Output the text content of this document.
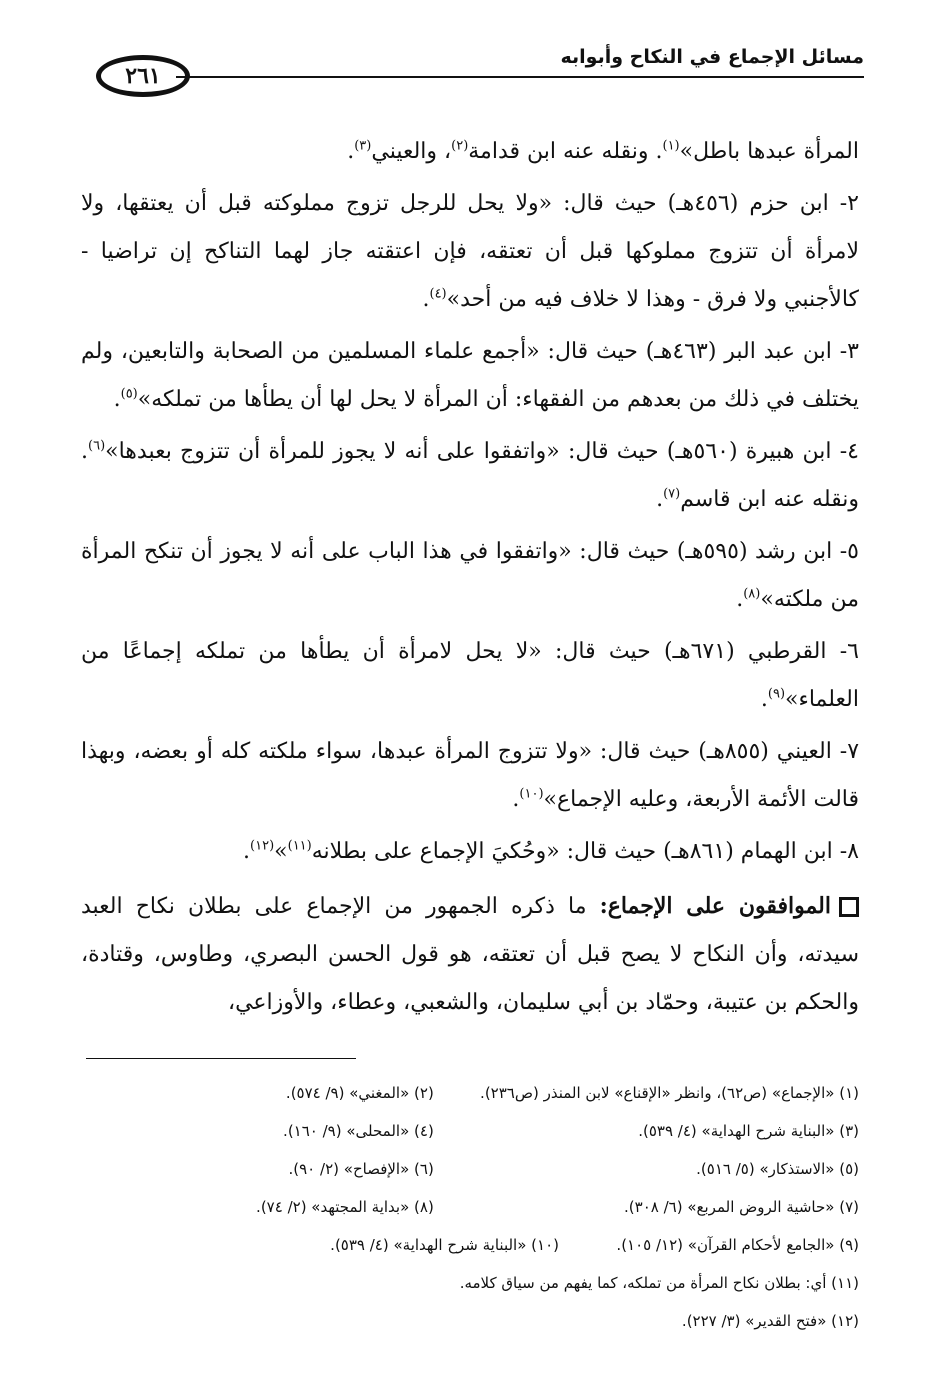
مسائل الإجماع في النكاح وأبوابه
٢٦١

المرأة عبدها باطل»$^{(١)}$. ونقله عنه ابن قدامة$^{(٢)}$، والعيني$^{(٣)}$.

٢- ابن حزم (٤٥٦هـ) حيث قال: «ولا يحل للرجل تزوج مملوكته قبل أن يعتقها، ولا لامرأة أن تتزوج مملوكها قبل أن تعتقه، فإن اعتقته جاز لهما التناكح إن تراضيا - كالأجنبي ولا فرق - وهذا لا خلاف فيه من أحد»$^{(٤)}$.

٣- ابن عبد البر (٤٦٣هـ) حيث قال: «أجمع علماء المسلمين من الصحابة والتابعين، ولم يختلف في ذلك من بعدهم من الفقهاء: أن المرأة لا يحل لها أن يطأها من تملكه»$^{(٥)}$.

٤- ابن هبيرة (٥٦٠هـ) حيث قال: «واتفقوا على أنه لا يجوز للمرأة أن تتزوج بعبدها»$^{(٦)}$. ونقله عنه ابن قاسم$^{(٧)}$.

٥- ابن رشد (٥٩٥هـ) حيث قال: «واتفقوا في هذا الباب على أنه لا يجوز أن تنكح المرأة من ملكته»$^{(٨)}$.

٦- القرطبي (٦٧١هـ) حيث قال: «لا يحل لامرأة أن يطأها من تملكه إجماعًا من العلماء»$^{(٩)}$.

٧- العيني (٨٥٥هـ) حيث قال: «ولا تتزوج المرأة عبدها، سواء ملكته كله أو بعضه، وبهذا قالت الأئمة الأربعة، وعليه الإجماع»$^{(١٠)}$.

٨- ابن الهمام (٨٦١هـ) حيث قال: «وحُكيَ الإجماع على بطلانه$^{(١١)}$»$^{(١٢)}$.

الموافقون على الإجماع: ما ذكره الجمهور من الإجماع على بطلان نكاح العبد سيدته، وأن النكاح لا يصح قبل أن تعتقه، هو قول الحسن البصري، وطاوس، وقتادة، والحكم بن عتيبة، وحمّاد بن أبي سليمان، والشعبي، وعطاء، والأوزاعي،

(١) «الإجماع» (ص٦٢)، وانظر «الإقناع» لابن المنذر (ص٢٣٦).
(٢) «المغني» (٩/ ٥٧٤).
(٣) «البناية شرح الهداية» (٤/ ٥٣٩).
(٤) «المحلى» (٩/ ١٦٠).
(٥) «الاستذكار» (٥/ ٥١٦).
(٦) «الإفصاح» (٢/ ٩٠).
(٧) «حاشية الروض المربع» (٦/ ٣٠٨).
(٨) «بداية المجتهد» (٢/ ٧٤).
(٩) «الجامع لأحكام القرآن» (١٢/ ١٠٥).
(١٠) «البناية شرح الهداية» (٤/ ٥٣٩).
(١١) أي: بطلان نكاح المرأة من تملكه، كما يفهم من سياق كلامه.
(١٢) «فتح القدير» (٣/ ٢٢٧).
